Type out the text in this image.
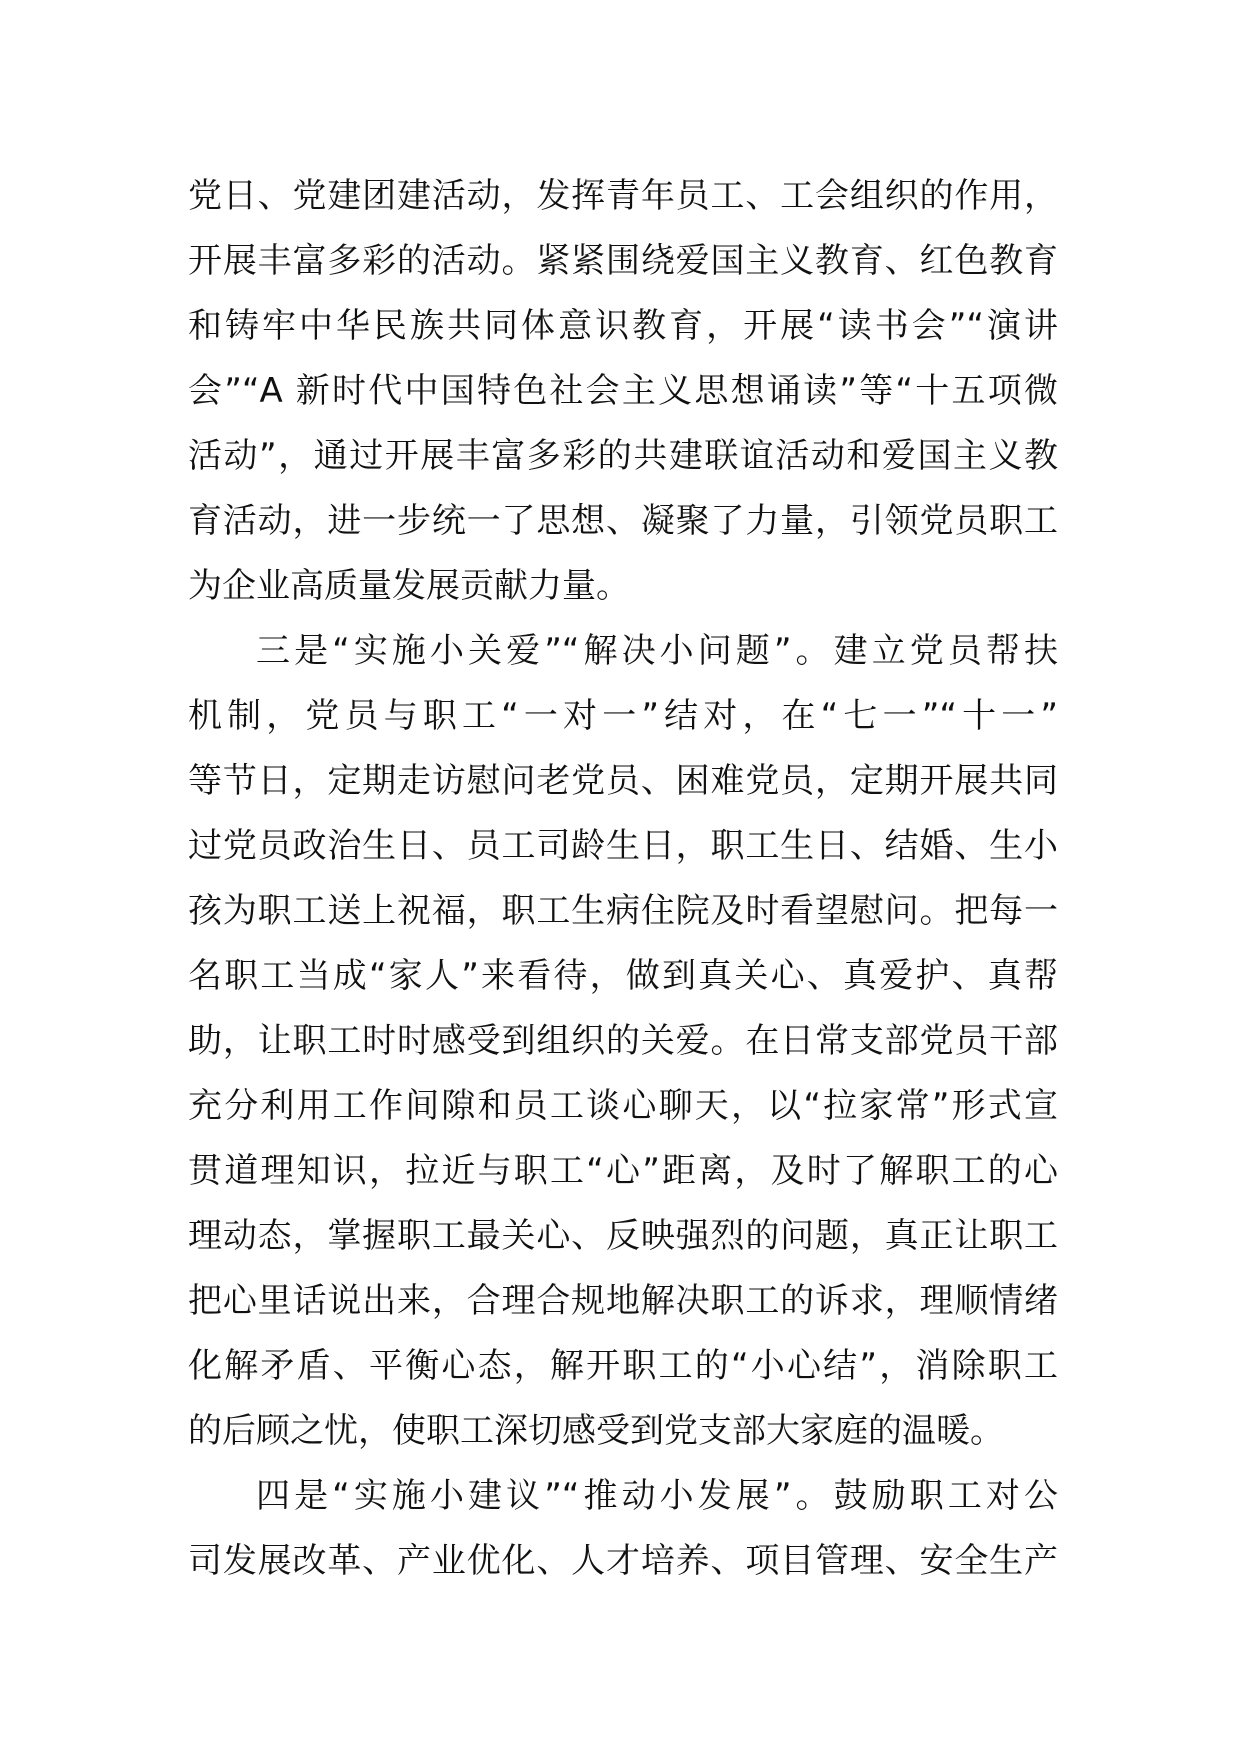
党日、党建团建活动，发挥青年员工、工会组织的作用，
开展丰富多彩的活动。紧紧围绕爱国主义教育、红色教育
和铸牢中华民族共同体意识教育，开展“读书会”“演讲
会”“A 新时代中国特色社会主义思想诵读”等“十五项微
活动”，通过开展丰富多彩的共建联谊活动和爱国主义教
育活动，进一步统一了思想、凝聚了力量，引领党员职工
为企业高质量发展贡献力量。
三是“实施小关爱”“解决小问题”。建立党员帮扶
机制，党员与职工“一对一”结对，在“七一”“十一”
等节日，定期走访慰问老党员、困难党员，定期开展共同
过党员政治生日、员工司龄生日，职工生日、结婚、生小
孩为职工送上祝福，职工生病住院及时看望慰问。把每一
名职工当成“家人”来看待，做到真关心、真爱护、真帮
助，让职工时时感受到组织的关爱。在日常支部党员干部
充分利用工作间隙和员工谈心聊天，以“拉家常”形式宣
贯道理知识，拉近与职工“心”距离，及时了解职工的心
理动态，掌握职工最关心、反映强烈的问题，真正让职工
把心里话说出来，合理合规地解决职工的诉求，理顺情绪
化解矛盾、平衡心态，解开职工的“小心结”，消除职工
的后顾之忧，使职工深切感受到党支部大家庭的温暖。
四是“实施小建议”“推动小发展”。鼓励职工对公
司发展改革、产业优化、人才培养、项目管理、安全生产
